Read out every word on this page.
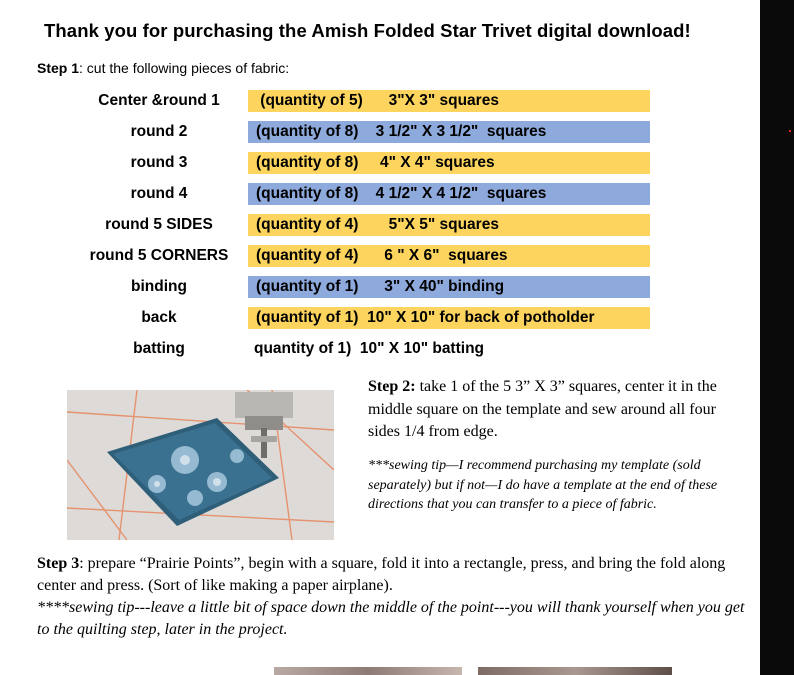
Thank you for purchasing the Amish Folded Star Trivet digital download!
Step 1: cut the following pieces of fabric:
Center &round 1	(quantity of 5)      3"X 3" squares
round 2	(quantity of 8)    3 1/2" X 3 1/2"  squares
round 3	(quantity of 8)     4" X 4" squares
round 4	(quantity of 8)    4 1/2" X 4 1/2"  squares
round 5 SIDES	(quantity of 4)       5"X 5" squares
round 5 CORNERS	(quantity of 4)      6 " X 6"  squares
binding	(quantity of 1)      3" X 40" binding
back	(quantity of 1)  10" X 10" for back of potholder
batting	quantity of 1)  10" X 10" batting
Step 2: take 1 of the 5 3” X 3” squares, center it in the middle square on the template and sew around all four sides 1/4 from edge.
***sewing tip—I recommend purchasing my template (sold separately) but if not—I do have a template at the end of these directions that you can transfer to a piece of fabric.
Step 3: prepare “Prairie Points”, begin with a square, fold it into a rectangle, press, and bring the fold along center and press. (Sort of like making a paper airplane).
****sewing tip---leave a little bit of space down the middle of the point---you will thank yourself when you get to the quilting step, later in the project.
